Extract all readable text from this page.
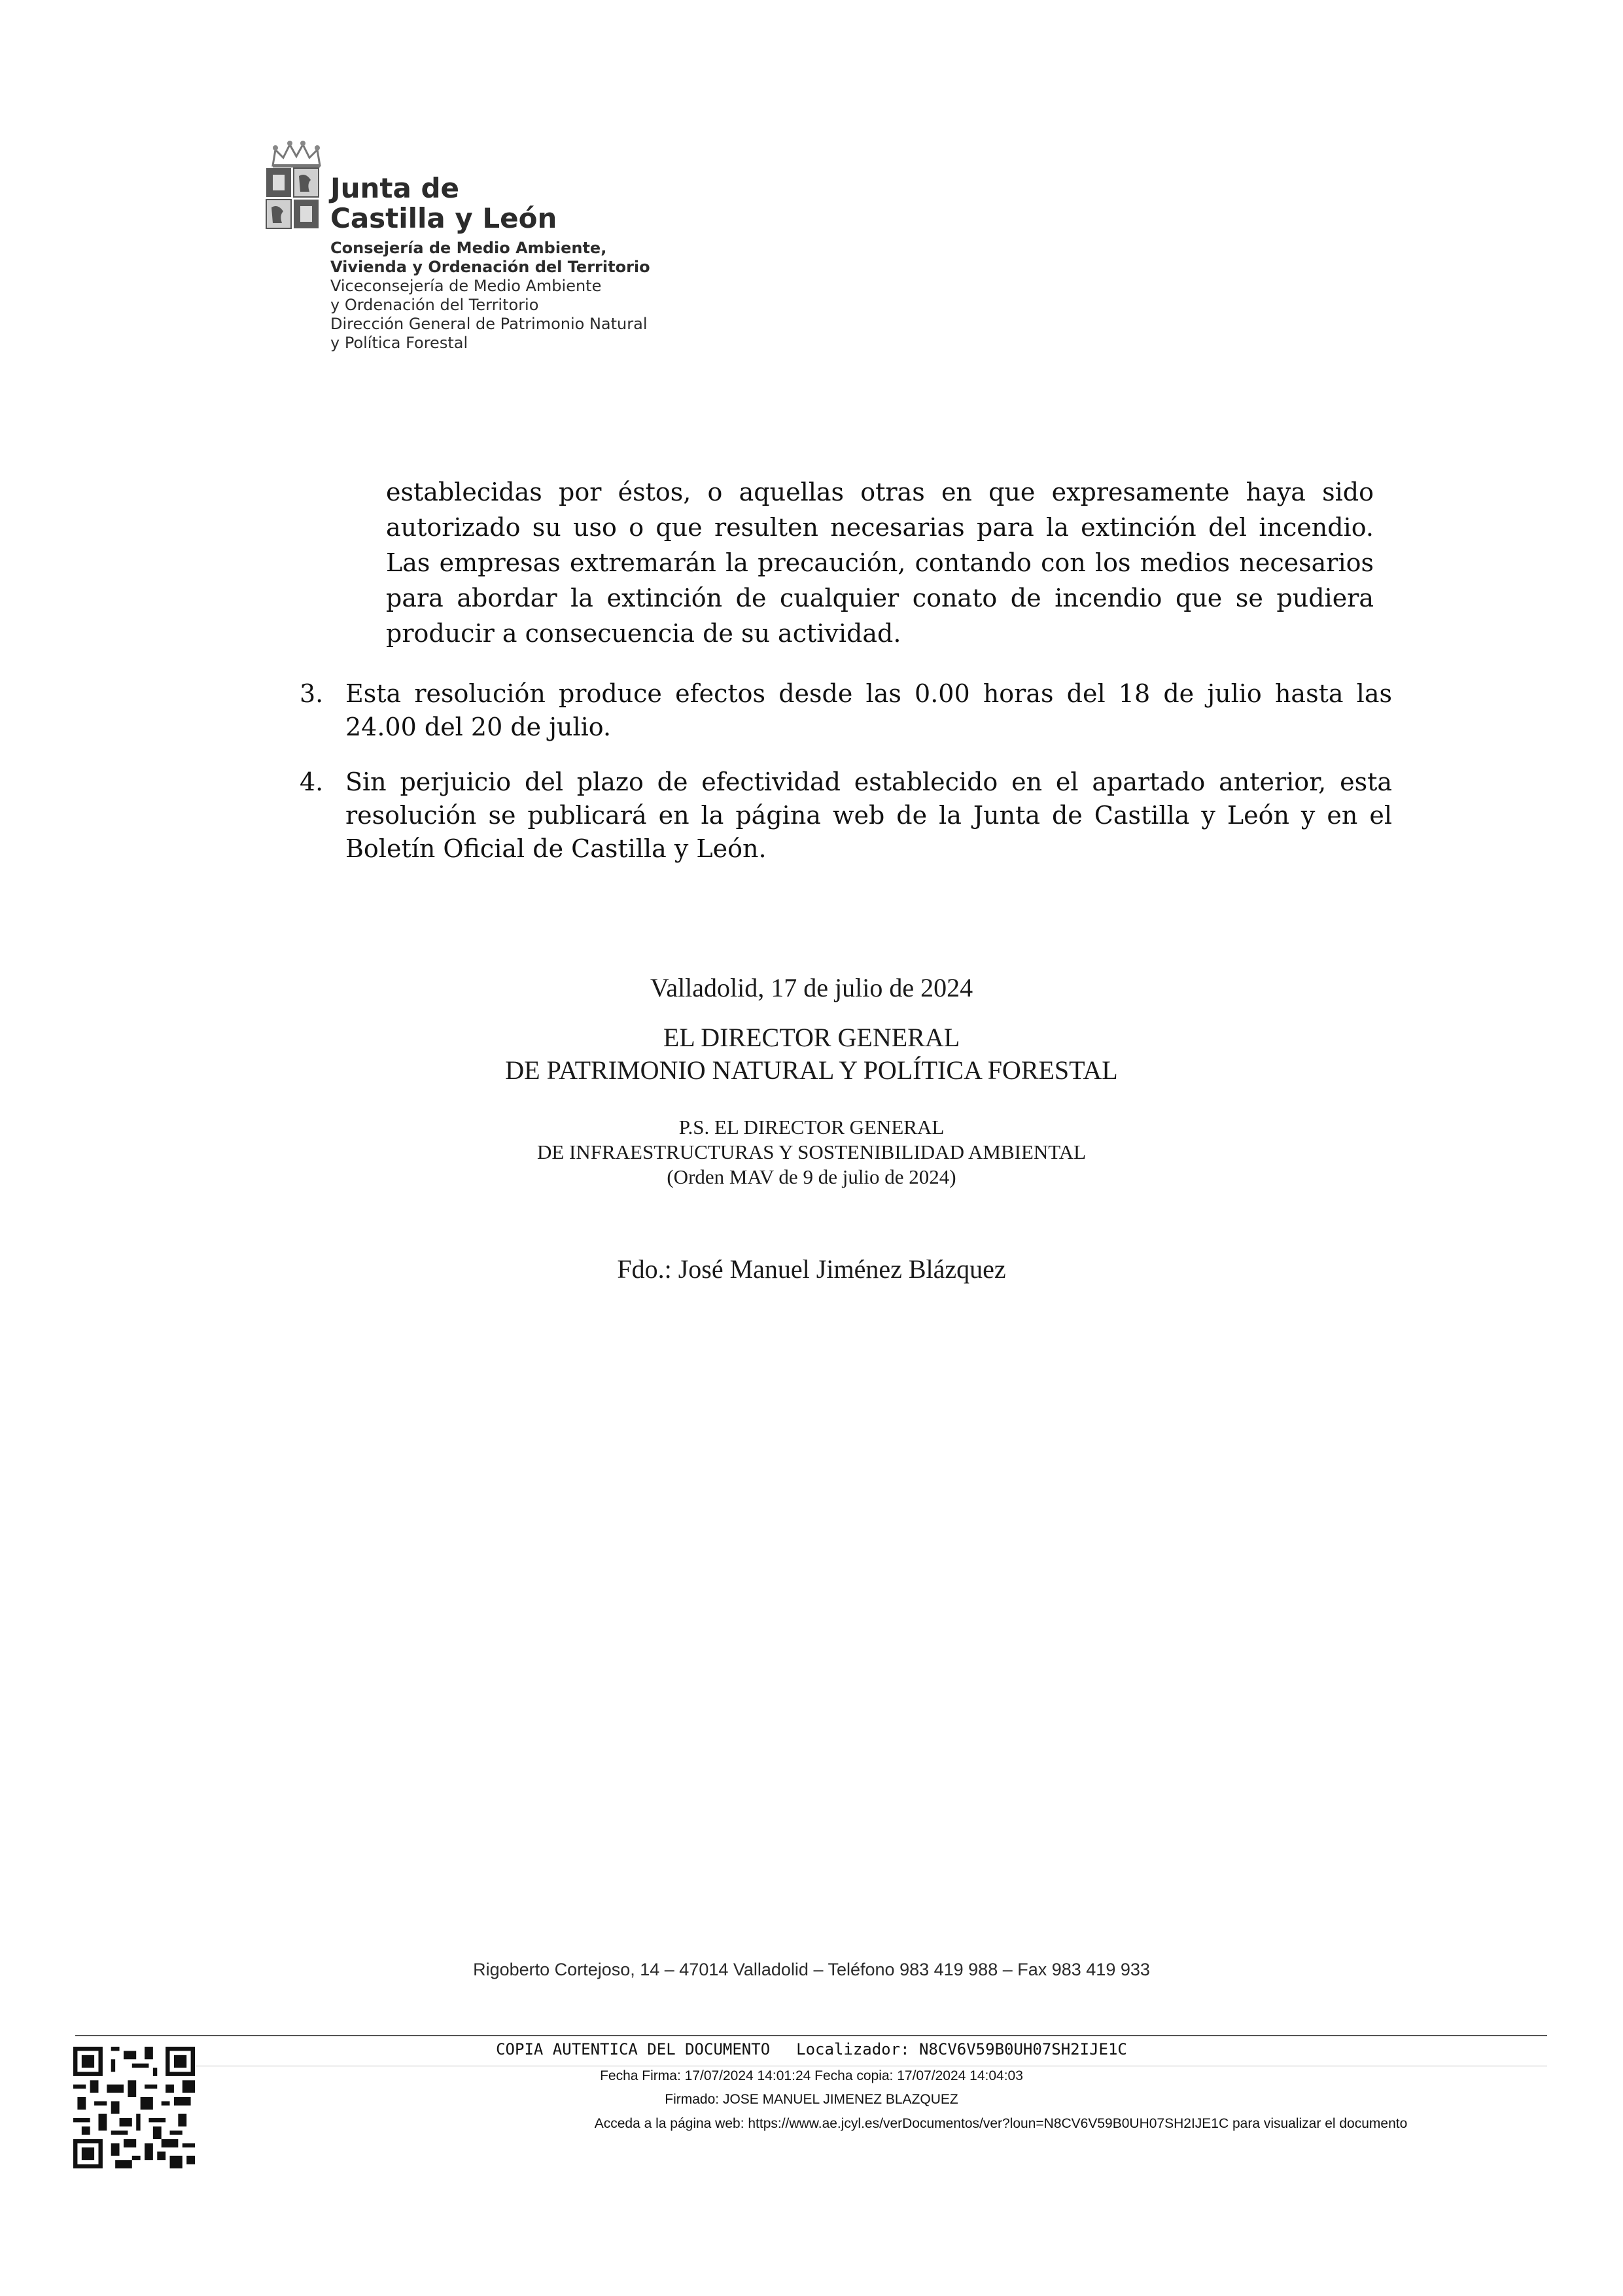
Junta de
Castilla y León
Consejería de Medio Ambiente,
Vivienda y Ordenación del Territorio
Viceconsejería de Medio Ambiente
y Ordenación del Territorio
Dirección General de Patrimonio Natural
y Política Forestal
establecidas por éstos, o aquellas otras en que expresamente haya sido autorizado su uso o que resulten necesarias para la extinción del incendio. Las empresas extremarán la precaución, contando con los medios necesarios para abordar la extinción de cualquier conato de incendio que se pudiera producir a consecuencia de su actividad.
3. Esta resolución produce efectos desde las 0.00 horas del 18 de julio hasta las 24.00 del 20 de julio.
4. Sin perjuicio del plazo de efectividad establecido en el apartado anterior, esta resolución se publicará en la página web de la Junta de Castilla y León y en el Boletín Oficial de Castilla y León.
Valladolid, 17 de julio de 2024
EL DIRECTOR GENERAL
DE PATRIMONIO NATURAL Y POLÍTICA FORESTAL
P.S. EL DIRECTOR GENERAL
DE INFRAESTRUCTURAS Y SOSTENIBILIDAD AMBIENTAL
(Orden MAV de 9 de julio de 2024)
Fdo.: José Manuel Jiménez Blázquez
Rigoberto Cortejoso, 14 – 47014 Valladolid – Teléfono 983 419 988 – Fax 983 419 933
COPIA AUTENTICA DEL DOCUMENTO Localizador: N8CV6V59B0UH07SH2IJE1C
Fecha Firma: 17/07/2024 14:01:24 Fecha copia: 17/07/2024 14:04:03
Firmado: JOSE MANUEL JIMENEZ BLAZQUEZ
Acceda a la página web: https://www.ae.jcyl.es/verDocumentos/ver?loun=N8CV6V59B0UH07SH2IJE1C para visualizar el documento
